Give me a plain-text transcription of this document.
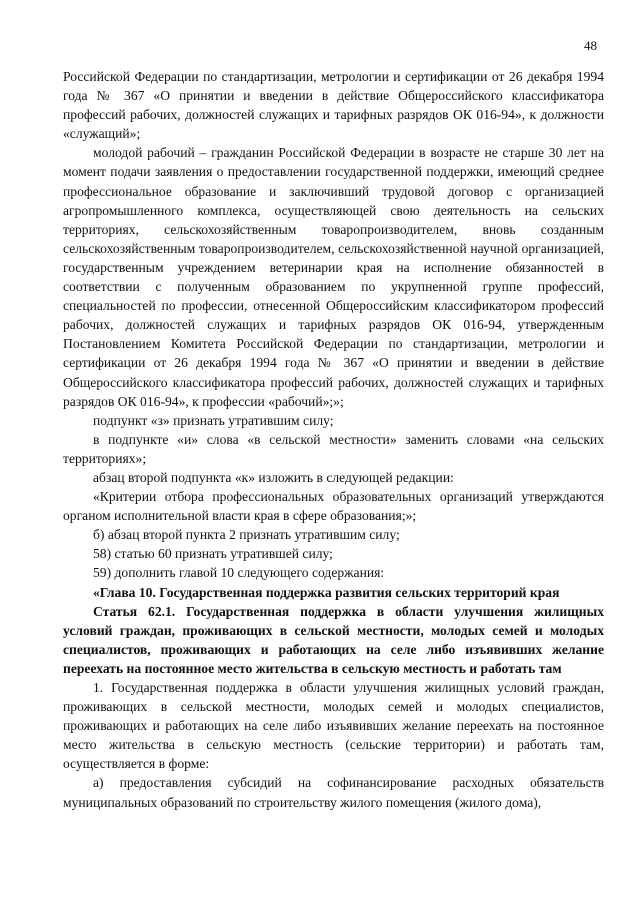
48

Российской Федерации по стандартизации, метрологии и сертификации от 26 декабря 1994 года № 367 «О принятии и введении в действие Общероссийского классификатора профессий рабочих, должностей служащих и тарифных разрядов ОК 016-94», к должности «служащий»;

молодой рабочий – гражданин Российской Федерации в возрасте не старше 30 лет на момент подачи заявления о предоставлении государственной поддержки, имеющий среднее профессиональное образование и заключивший трудовой договор с организацией агропромышленного комплекса, осуществляющей свою деятельность на сельских территориях, сельскохозяйственным товаропроизводителем, вновь созданным сельскохозяйственным товаропроизводителем, сельскохозяйственной научной организацией, государственным учреждением ветеринарии края на исполнение обязанностей в соответствии с полученным образованием по укрупненной группе профессий, специальностей по профессии, отнесенной Общероссийским классификатором профессий рабочих, должностей служащих и тарифных разрядов ОК 016-94, утвержденным Постановлением Комитета Российской Федерации по стандартизации, метрологии и сертификации от 26 декабря 1994 года № 367 «О принятии и введении в действие Общероссийского классификатора профессий рабочих, должностей служащих и тарифных разрядов ОК 016-94», к профессии «рабочий»;»;

подпункт «з» признать утратившим силу;

в подпункте «и» слова «в сельской местности» заменить словами «на сельских территориях»;

абзац второй подпункта «к» изложить в следующей редакции:

«Критерии отбора профессиональных образовательных организаций утверждаются органом исполнительной власти края в сфере образования;»;

б) абзац второй пункта 2 признать утратившим силу;

58) статью 60 признать утратившей силу;

59) дополнить главой 10 следующего содержания:

«Глава 10. Государственная поддержка развития сельских территорий края

Статья 62.1. Государственная поддержка в области улучшения жилищных условий граждан, проживающих в сельской местности, молодых семей и молодых специалистов, проживающих и работающих на селе либо изъявивших желание переехать на постоянное место жительства в сельскую местность и работать там

1. Государственная поддержка в области улучшения жилищных условий граждан, проживающих в сельской местности, молодых семей и молодых специалистов, проживающих и работающих на селе либо изъявивших желание переехать на постоянное место жительства в сельскую местность (сельские территории) и работать там, осуществляется в форме:

а) предоставления субсидий на софинансирование расходных обязательств муниципальных образований по строительству жилого помещения (жилого дома),
